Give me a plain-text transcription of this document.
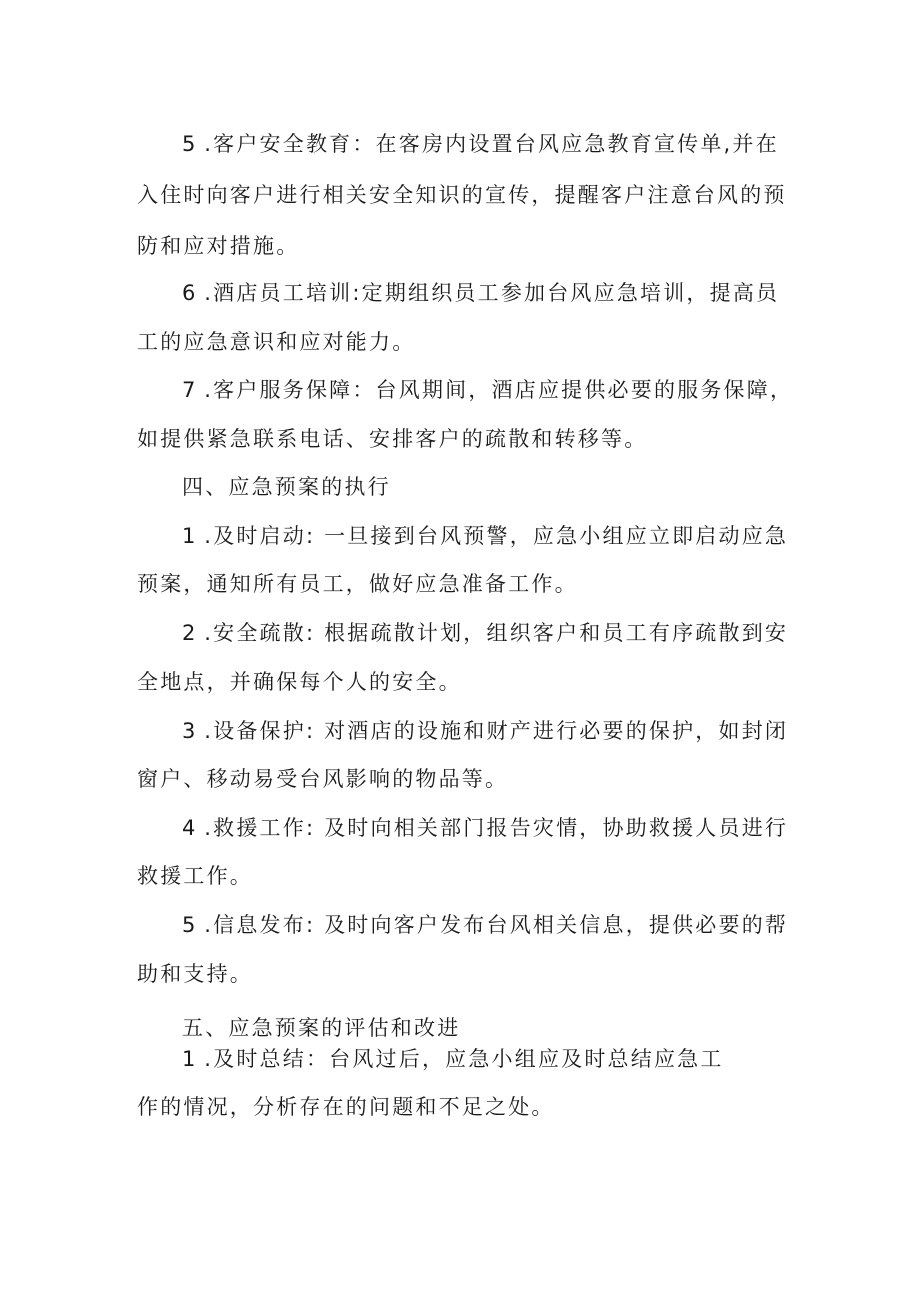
5 .客户安全教育：在客房内设置台风应急教育宣传单,并在
入住时向客户进行相关安全知识的宣传，提醒客户注意台风的预
防和应对措施。
6 .酒店员工培训:定期组织员工参加台风应急培训，提高员
工的应急意识和应对能力。
7 .客户服务保障：台风期间，酒店应提供必要的服务保障，
如提供紧急联系电话、安排客户的疏散和转移等。
四、应急预案的执行
1 .及时启动: 一旦接到台风预警，应急小组应立即启动应急
预案，通知所有员工，做好应急准备工作。
2 .安全疏散: 根据疏散计划，组织客户和员工有序疏散到安
全地点，并确保每个人的安全。
3 .设备保护: 对酒店的设施和财产进行必要的保护，如封闭
窗户、移动易受台风影响的物品等。
4 .救援工作: 及时向相关部门报告灾情，协助救援人员进行
救援工作。
5 .信息发布: 及时向客户发布台风相关信息，提供必要的帮
助和支持。
五、应急预案的评估和改进
1 .及时总结：台风过后，应急小组应及时总结应急工
作的情况，分析存在的问题和不足之处。
